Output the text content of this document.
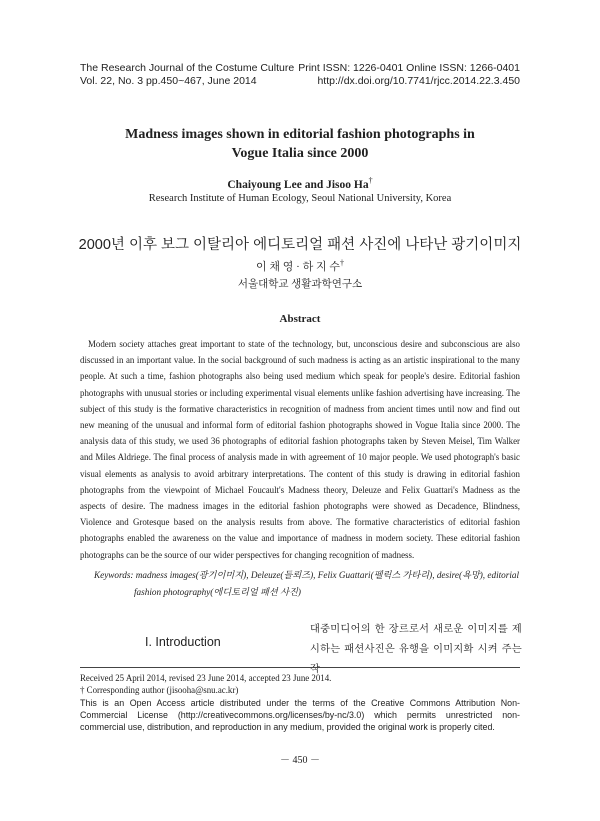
The Research Journal of the Costume Culture
Vol. 22, No. 3 pp.450~467, June 2014
Print ISSN: 1226-0401 Online ISSN: 1266-0401
http://dx.doi.org/10.7741/rjcc.2014.22.3.450
Madness images shown in editorial fashion photographs in
Vogue Italia since 2000
Chaiyoung Lee and Jisoo Ha†
Research Institute of Human Ecology, Seoul National University, Korea
2000년 이후 보그 이탈리아 에디토리얼 패션 사진에 나타난 광기이미지
이 채 영 · 하 지 수†
서울대학교 생활과학연구소
Abstract

Modern society attaches great important to state of the technology, but, unconscious desire and subconscious are also discussed in an important value. In the social background of such madness is acting as an artistic inspirational to the many people. At such a time, fashion photographs also being used medium which speak for people's desire. Editorial fashion photographs with unusual stories or including experimental visual elements unlike fashion advertising have increasing. The subject of this study is the formative characteristics in recognition of madness from ancient times until now and find out new meaning of the unusual and informal form of editorial fashion photographs showed in Vogue Italia since 2000. The analysis data of this study, we used 36 photographs of editorial fashion photographs taken by Steven Meisel, Tim Walker and Miles Aldriege. The final process of analysis made in with agreement of 10 major people. We used photograph's basic visual elements as analysis to avoid arbitrary interpretations. The content of this study is drawing in editorial fashion photographs from the viewpoint of Michael Foucault's Madness theory, Deleuze and Felix Guattari's Madness as the aspects of desire. The madness images in the editorial fashion photographs were showed as Decadence, Blindness, Violence and Grotesque based on the analysis results from above. The formative characteristics of editorial fashion photographs enabled the awareness on the value and importance of madness in modern society. These editorial fashion photographs can be the source of our wider perspectives for changing recognition of madness.

Keywords: madness images(광기이미지), Deleuze(들뢰즈), Felix Guattari(펠릭스 가타리), desire(욕망), editorial
fashion photography(에디토리얼 패션 사진)

I. Introduction

대중미디어의 한 장르로서 새로운 이미지를 제시하는 패션사진은 유행을 이미지화 시켜 주는 작

Received 25 April 2014, revised 23 June 2014, accepted 23 June 2014.
† Corresponding author (jisooha@snu.ac.kr)
This is an Open Access article distributed under the terms of the Creative Commons Attribution Non-Commercial License (http://creativecommons.org/licenses/by-nc/3.0) which permits unrestricted non-commercial use, distribution, and reproduction in any medium, provided the original work is properly cited.
－ 450 －
